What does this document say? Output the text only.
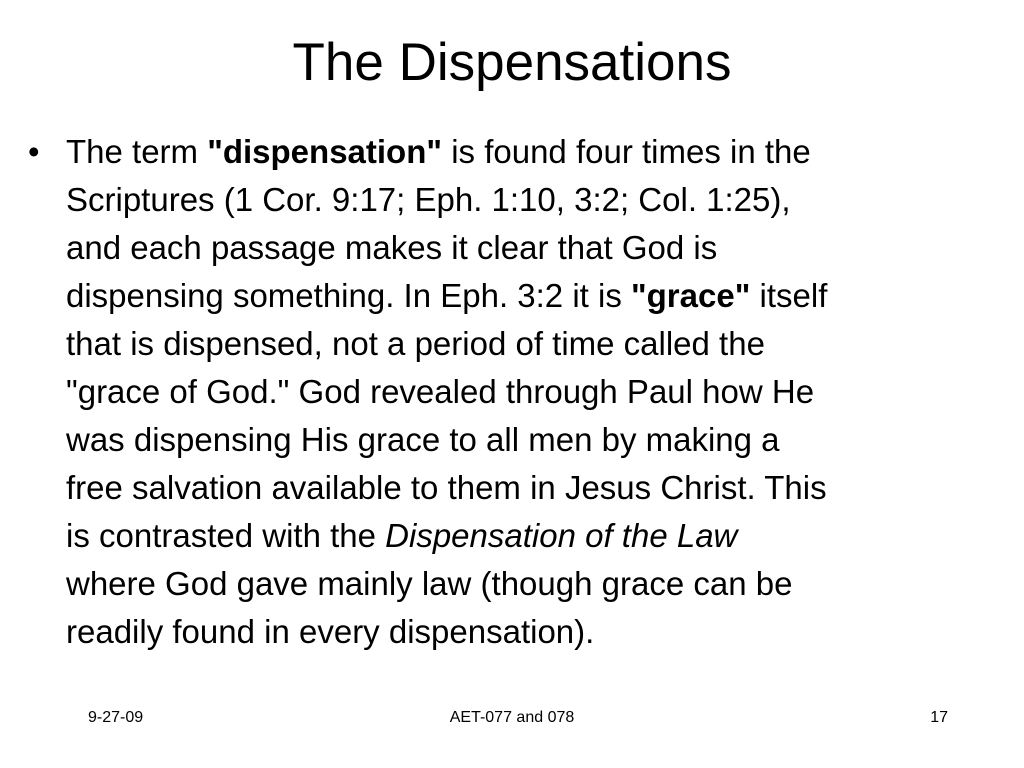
The Dispensations
• The term "dispensation" is found four times in the
Scriptures (1 Cor. 9:17; Eph. 1:10, 3:2; Col. 1:25),
and each passage makes it clear that God is
dispensing something. In Eph. 3:2 it is "grace" itself
that is dispensed, not a period of time called the
"grace of God." God revealed through Paul how He
was dispensing His grace to all men by making a
free salvation available to them in Jesus Christ. This
is contrasted with the Dispensation of the Law
where God gave mainly law (though grace can be
readily found in every dispensation).
9-27-09	AET-077 and 078	17
